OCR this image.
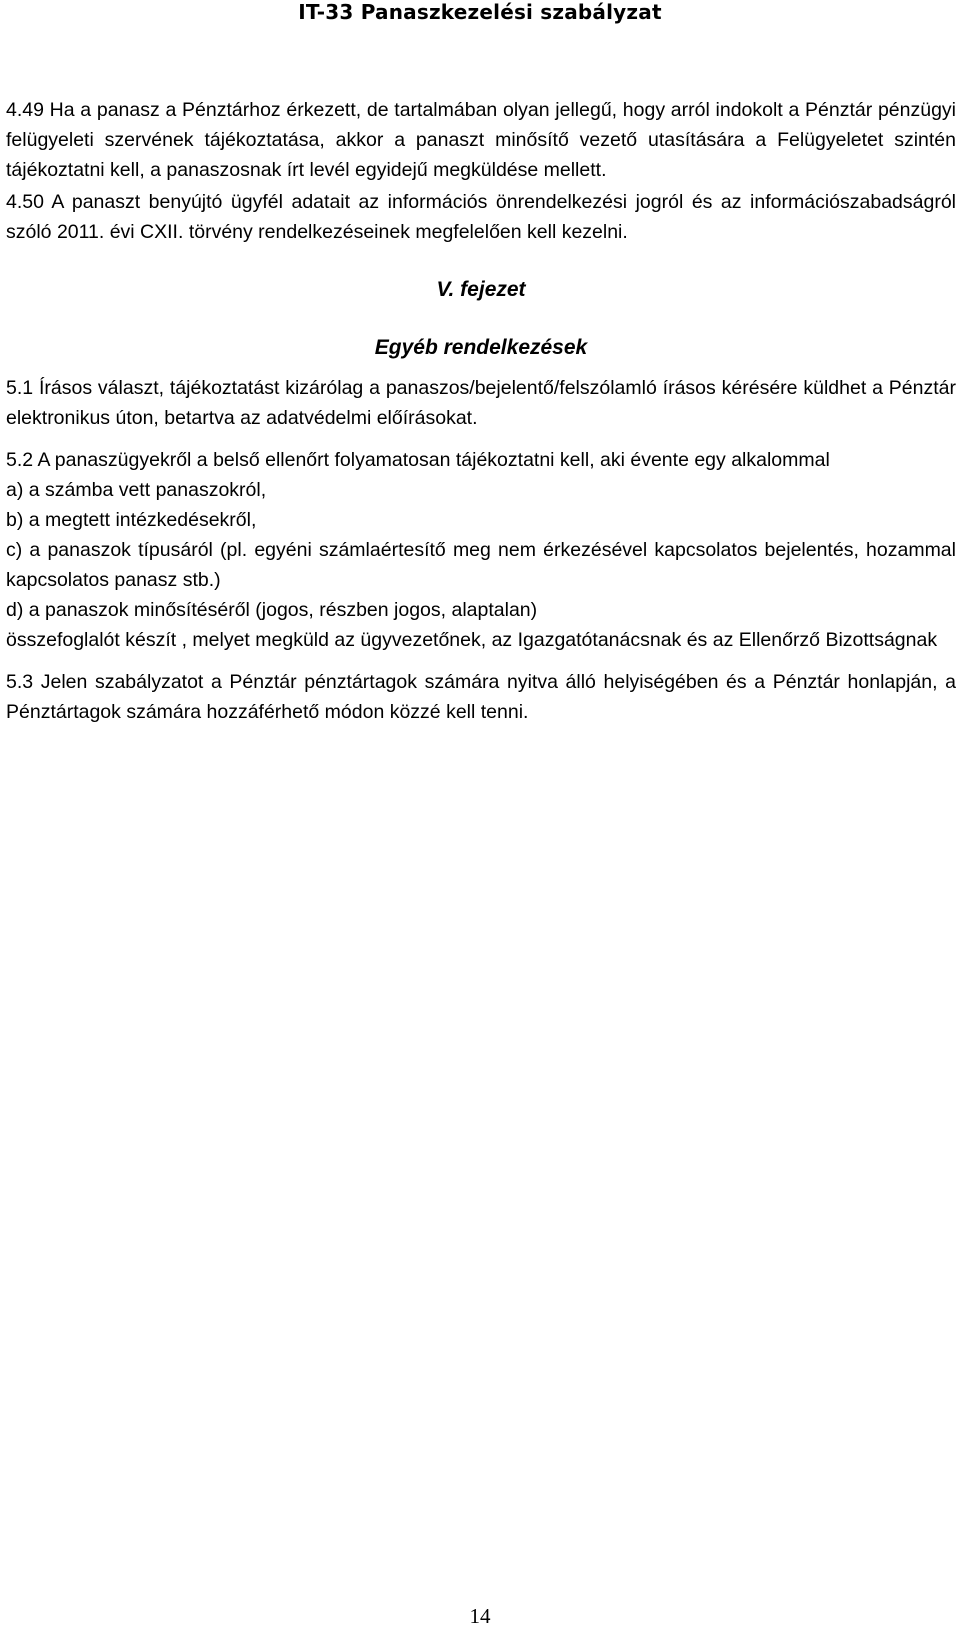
IT-33 Panaszkezelési szabályzat

4.49 Ha a panasz a Pénztárhoz érkezett, de tartalmában olyan jellegű, hogy arról indokolt a Pénztár pénzügyi felügyeleti szervének tájékoztatása, akkor a panaszt minősítő vezető utasítására a Felügyeletet szintén tájékoztatni kell, a panaszosnak írt levél egyidejű megküldése mellett.

4.50 A panaszt benyújtó ügyfél adatait az információs önrendelkezési jogról és az információszabadságról szóló 2011. évi CXII. törvény rendelkezéseinek megfelelően kell kezelni.

V. fejezet
Egyéb rendelkezések

5.1 Írásos választ, tájékoztatást kizárólag a panaszos/bejelentő/felszólamló írásos kérésére küldhet a Pénztár elektronikus úton, betartva az adatvédelmi előírásokat.

5.2 A panaszügyekről a belső ellenőrt folyamatosan tájékoztatni kell, aki évente egy alkalommal

a) a számba vett panaszokról,

b) a megtett intézkedésekről,

c) a panaszok típusáról (pl. egyéni számlaértesítő meg nem érkezésével kapcsolatos bejelentés, hozammal kapcsolatos panasz stb.)

d) a panaszok minősítéséről (jogos, részben jogos, alaptalan)

összefoglalót készít , melyet megküld az ügyvezetőnek, az Igazgatótanácsnak és az Ellenőrző Bizottságnak

5.3 Jelen szabályzatot a Pénztár pénztártagok számára nyitva álló helyiségében és a Pénztár honlapján, a Pénztártagok számára hozzáférhető módon közzé kell tenni.

14
